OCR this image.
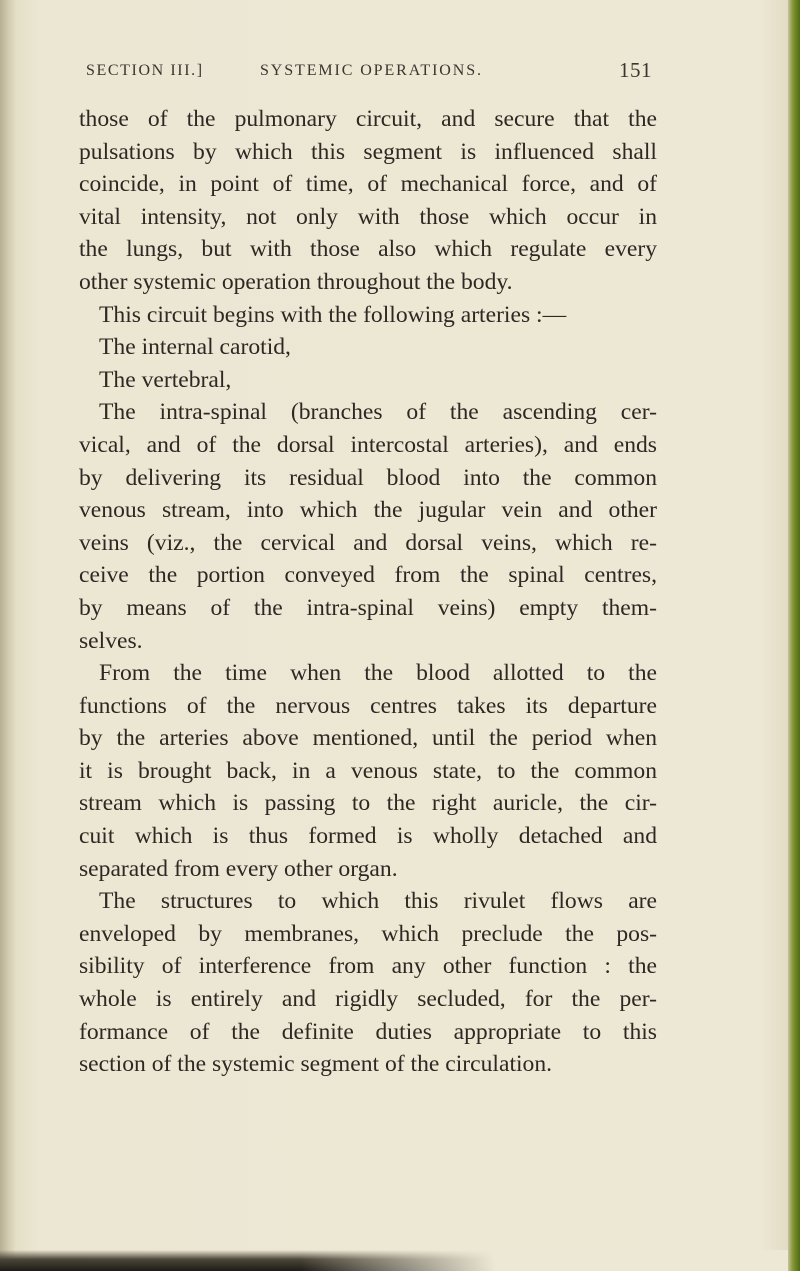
SECTION III.]	SYSTEMIC OPERATIONS.	151
those of the pulmonary circuit, and secure that the
pulsations by which this segment is influenced shall
coincide, in point of time, of mechanical force, and of
vital intensity, not only with those which occur in
the lungs, but with those also which regulate every
other systemic operation throughout the body.
This circuit begins with the following arteries :—
The internal carotid,
The vertebral,
The intra-spinal (branches of the ascending cer-
vical, and of the dorsal intercostal arteries), and ends
by delivering its residual blood into the common
venous stream, into which the jugular vein and other
veins (viz., the cervical and dorsal veins, which re-
ceive the portion conveyed from the spinal centres,
by means of the intra-spinal veins) empty them-
selves.
From the time when the blood allotted to the
functions of the nervous centres takes its departure
by the arteries above mentioned, until the period when
it is brought back, in a venous state, to the common
stream which is passing to the right auricle, the cir-
cuit which is thus formed is wholly detached and
separated from every other organ.
The structures to which this rivulet flows are
enveloped by membranes, which preclude the pos-
sibility of interference from any other function : the
whole is entirely and rigidly secluded, for the per-
formance of the definite duties appropriate to this
section of the systemic segment of the circulation.
